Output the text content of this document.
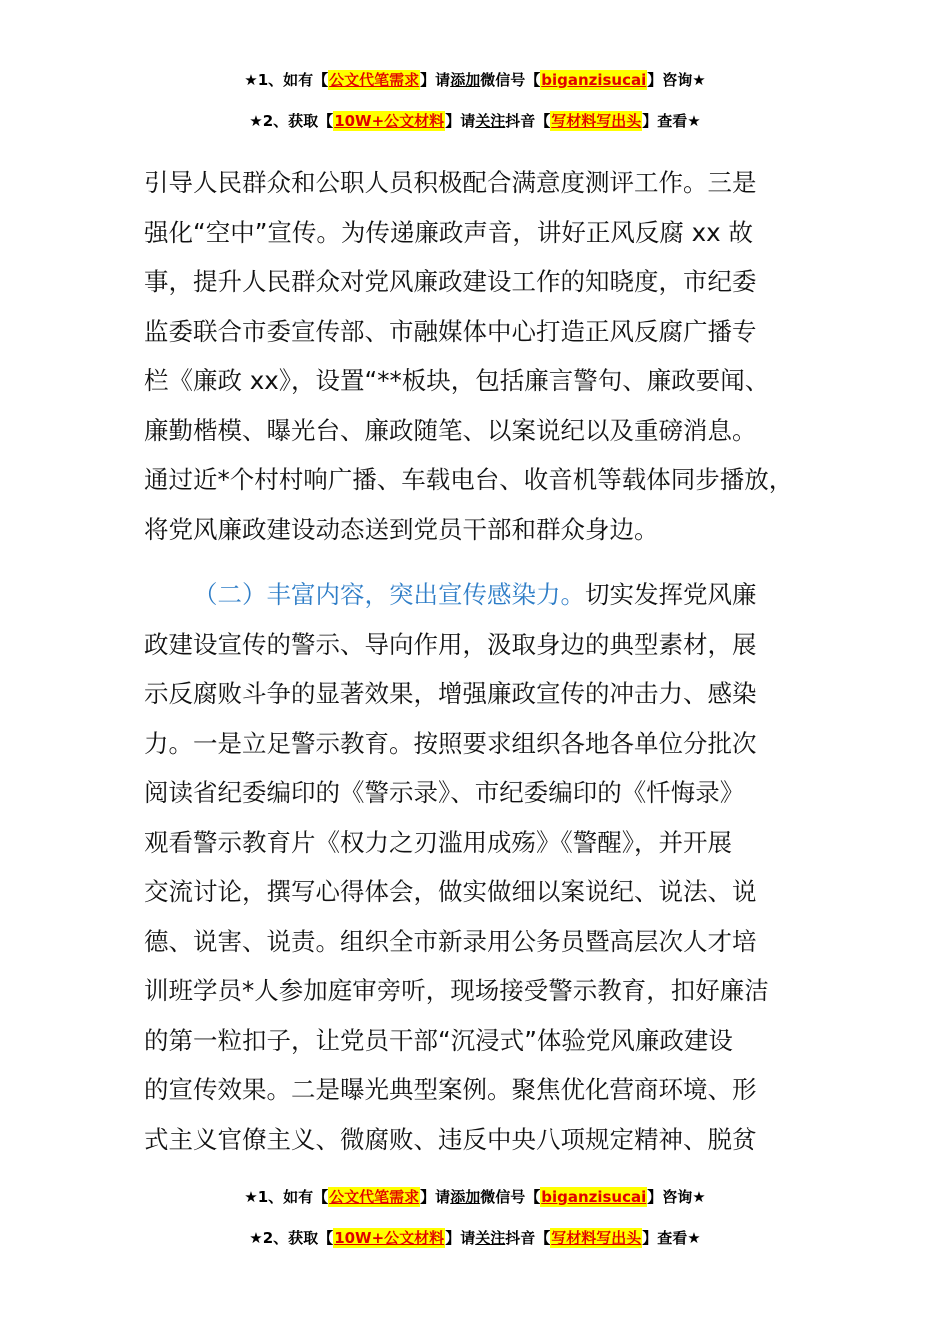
★1、如有【公文代笔需求】请添加微信号【biganzisucai】咨询★
★2、获取【10W+公文材料】请关注抖音【写材料写出头】查看★
引导人民群众和公职人员积极配合满意度测评工作。三是
强化“空中”宣传。为传递廉政声音，讲好正风反腐 xx 故
事，提升人民群众对党风廉政建设工作的知晓度，市纪委
监委联合市委宣传部、市融媒体中心打造正风反腐广播专
栏《廉政 xx》，设置“**板块，包括廉言警句、廉政要闻、
廉勤楷模、曝光台、廉政随笔、以案说纪以及重磅消息。
通过近*个村村响广播、车载电台、收音机等载体同步播放，
将党风廉政建设动态送到党员干部和群众身边。
（二）丰富内容，突出宣传感染力。切实发挥党风廉
政建设宣传的警示、导向作用，汲取身边的典型素材，展
示反腐败斗争的显著效果，增强廉政宣传的冲击力、感染
力。一是立足警示教育。按照要求组织各地各单位分批次
阅读省纪委编印的《警示录》、市纪委编印的《忏悔录》
观看警示教育片《权力之刃滥用成殇》《警醒》，并开展
交流讨论，撰写心得体会，做实做细以案说纪、说法、说
德、说害、说责。组织全市新录用公务员暨高层次人才培
训班学员*人参加庭审旁听，现场接受警示教育，扣好廉洁
的第一粒扣子，让党员干部“沉浸式”体验党风廉政建设
的宣传效果。二是曝光典型案例。聚焦优化营商环境、形
式主义官僚主义、微腐败、违反中央八项规定精神、脱贫
★1、如有【公文代笔需求】请添加微信号【biganzisucai】咨询★
★2、获取【10W+公文材料】请关注抖音【写材料写出头】查看★
